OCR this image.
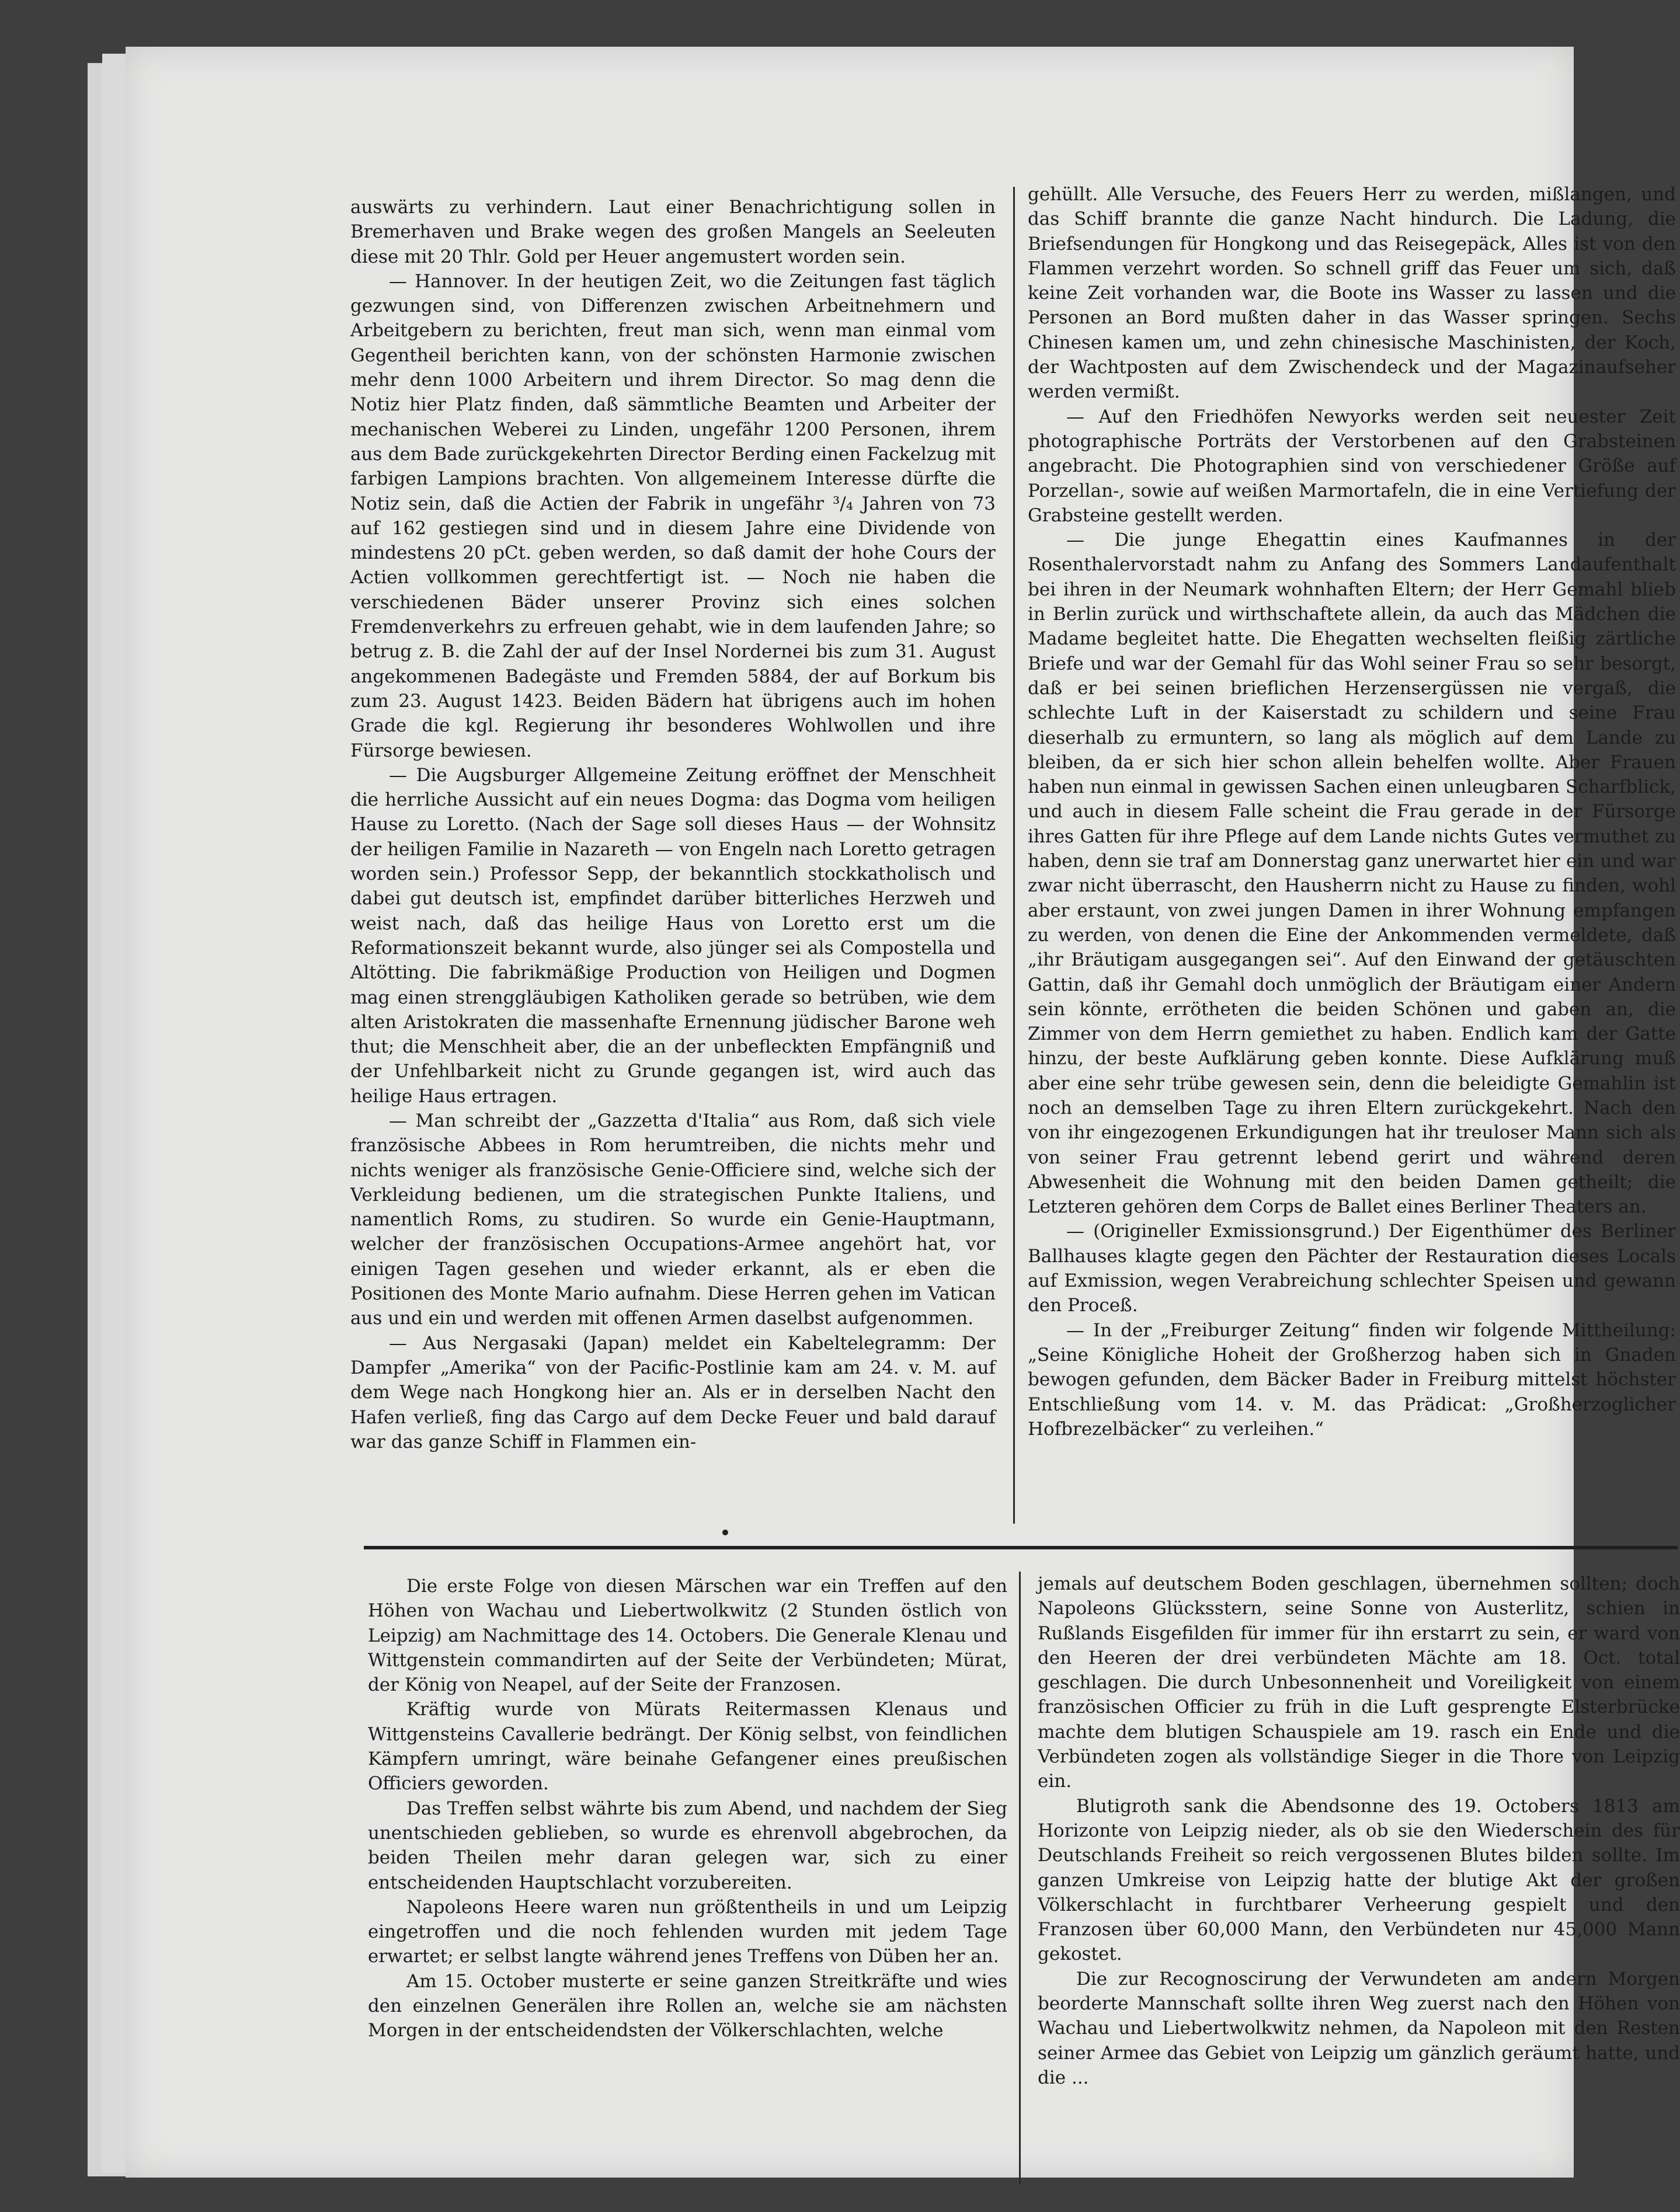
auswärts zu verhindern. Laut einer Benachrichtigung sollen in Bremerhaven und Brake wegen des großen Mangels an Seeleuten diese mit 20 Thlr. Gold per Heuer angemustert worden sein.

— Hannover. In der heutigen Zeit, wo die Zeitungen fast täglich gezwungen sind, von Differenzen zwischen Arbeitnehmern und Arbeitgebern zu berichten, freut man sich, wenn man einmal vom Gegentheil berichten kann, von der schönsten Harmonie zwischen mehr denn 1000 Arbeitern und ihrem Director. So mag denn die Notiz hier Platz finden, daß sämmtliche Beamten und Arbeiter der mechanischen Weberei zu Linden, ungefähr 1200 Personen, ihrem aus dem Bade zurückgekehrten Director Berding einen Fackelzug mit farbigen Lampions brachten. Von allgemeinem Interesse dürfte die Notiz sein, daß die Actien der Fabrik in ungefähr ³/₄ Jahren von 73 auf 162 gestiegen sind und in diesem Jahre eine Dividende von mindestens 20 pCt. geben werden, so daß damit der hohe Cours der Actien vollkommen gerechtfertigt ist. — Noch nie haben die verschiedenen Bäder unserer Provinz sich eines solchen Fremdenverkehrs zu erfreuen gehabt, wie in dem laufenden Jahre; so betrug z. B. die Zahl der auf der Insel Nordernei bis zum 31. August angekommenen Badegäste und Fremden 5884, der auf Borkum bis zum 23. August 1423. Beiden Bädern hat übrigens auch im hohen Grade die kgl. Regierung ihr besonderes Wohlwollen und ihre Fürsorge bewiesen.

— Die Augsburger Allgemeine Zeitung eröffnet der Menschheit die herrliche Aussicht auf ein neues Dogma: das Dogma vom heiligen Hause zu Loretto. (Nach der Sage soll dieses Haus — der Wohnsitz der heiligen Familie in Nazareth — von Engeln nach Loretto getragen worden sein.) Professor Sepp, der bekanntlich stockkatholisch und dabei gut deutsch ist, empfindet darüber bitterliches Herzweh und weist nach, daß das heilige Haus von Loretto erst um die Reformationszeit bekannt wurde, also jünger sei als Compostella und Altötting. Die fabrikmäßige Production von Heiligen und Dogmen mag einen strenggläubigen Katholiken gerade so betrüben, wie dem alten Aristokraten die massenhafte Ernennung jüdischer Barone weh thut; die Menschheit aber, die an der unbefleckten Empfängniß und der Unfehlbarkeit nicht zu Grunde gegangen ist, wird auch das heilige Haus ertragen.

— Man schreibt der „Gazzetta d'Italia“ aus Rom, daß sich viele französische Abbees in Rom herumtreiben, die nichts mehr und nichts weniger als französische Genie-Officiere sind, welche sich der Verkleidung bedienen, um die strategischen Punkte Italiens, und namentlich Roms, zu studiren. So wurde ein Genie-Hauptmann, welcher der französischen Occupations-Armee angehört hat, vor einigen Tagen gesehen und wieder erkannt, als er eben die Positionen des Monte Mario aufnahm. Diese Herren gehen im Vatican aus und ein und werden mit offenen Armen daselbst aufgenommen.

— Aus Nergasaki (Japan) meldet ein Kabeltelegramm: Der Dampfer „Amerika“ von der Pacific-Postlinie kam am 24. v. M. auf dem Wege nach Hongkong hier an. Als er in derselben Nacht den Hafen verließ, fing das Cargo auf dem Decke Feuer und bald darauf war das ganze Schiff in Flammen ein-

gehüllt. Alle Versuche, des Feuers Herr zu werden, mißlangen, und das Schiff brannte die ganze Nacht hindurch. Die Ladung, die Briefsendungen für Hongkong und das Reisegepäck, Alles ist von den Flammen verzehrt worden. So schnell griff das Feuer um sich, daß keine Zeit vorhanden war, die Boote ins Wasser zu lassen und die Personen an Bord mußten daher in das Wasser springen. Sechs Chinesen kamen um, und zehn chinesische Maschinisten, der Koch, der Wachtposten auf dem Zwischendeck und der Magazinaufseher werden vermißt.

— Auf den Friedhöfen Newyorks werden seit neuester Zeit photographische Porträts der Verstorbenen auf den Grabsteinen angebracht. Die Photographien sind von verschiedener Größe auf Porzellan-, sowie auf weißen Marmortafeln, die in eine Vertiefung der Grabsteine gestellt werden.

— Die junge Ehegattin eines Kaufmannes in der Rosenthalervorstadt nahm zu Anfang des Sommers Landaufenthalt bei ihren in der Neumark wohnhaften Eltern; der Herr Gemahl blieb in Berlin zurück und wirthschaftete allein, da auch das Mädchen die Madame begleitet hatte. Die Ehegatten wechselten fleißig zärtliche Briefe und war der Gemahl für das Wohl seiner Frau so sehr besorgt, daß er bei seinen brieflichen Herzensergüssen nie vergaß, die schlechte Luft in der Kaiserstadt zu schildern und seine Frau dieserhalb zu ermuntern, so lang als möglich auf dem Lande zu bleiben, da er sich hier schon allein behelfen wollte. Aber Frauen haben nun einmal in gewissen Sachen einen unleugbaren Scharfblick, und auch in diesem Falle scheint die Frau gerade in der Fürsorge ihres Gatten für ihre Pflege auf dem Lande nichts Gutes vermuthet zu haben, denn sie traf am Donnerstag ganz unerwartet hier ein und war zwar nicht überrascht, den Hausherrn nicht zu Hause zu finden, wohl aber erstaunt, von zwei jungen Damen in ihrer Wohnung empfangen zu werden, von denen die Eine der Ankommenden vermeldete, daß „ihr Bräutigam ausgegangen sei“. Auf den Einwand der getäuschten Gattin, daß ihr Gemahl doch unmöglich der Bräutigam einer Andern sein könnte, errötheten die beiden Schönen und gaben an, die Zimmer von dem Herrn gemiethet zu haben. Endlich kam der Gatte hinzu, der beste Aufklärung geben konnte. Diese Aufklärung muß aber eine sehr trübe gewesen sein, denn die beleidigte Gemahlin ist noch an demselben Tage zu ihren Eltern zurückgekehrt. Nach den von ihr eingezogenen Erkundigungen hat ihr treuloser Mann sich als von seiner Frau getrennt lebend gerirt und während deren Abwesenheit die Wohnung mit den beiden Damen getheilt; die Letzteren gehören dem Corps de Ballet eines Berliner Theaters an.

— (Origineller Exmissionsgrund.) Der Eigenthümer des Berliner Ballhauses klagte gegen den Pächter der Restauration dieses Locals auf Exmission, wegen Verabreichung schlechter Speisen und gewann den Proceß.

— In der „Freiburger Zeitung“ finden wir folgende Mittheilung: „Seine Königliche Hoheit der Großherzog haben sich in Gnaden bewogen gefunden, dem Bäcker Bader in Freiburg mittelst höchster Entschließung vom 14. v. M. das Prädicat: „Großherzoglicher Hofbrezelbäcker“ zu verleihen.“

Die erste Folge von diesen Märschen war ein Treffen auf den Höhen von Wachau und Liebertwolkwitz (2 Stunden östlich von Leipzig) am Nachmittage des 14. Octobers. Die Generale Klenau und Wittgenstein commandirten auf der Seite der Verbündeten; Mürat, der König von Neapel, auf der Seite der Franzosen.

Kräftig wurde von Mürats Reitermassen Klenaus und Wittgensteins Cavallerie bedrängt. Der König selbst, von feindlichen Kämpfern umringt, wäre beinahe Gefangener eines preußischen Officiers geworden.

Das Treffen selbst währte bis zum Abend, und nachdem der Sieg unentschieden geblieben, so wurde es ehrenvoll abgebrochen, da beiden Theilen mehr daran gelegen war, sich zu einer entscheidenden Hauptschlacht vorzubereiten.

Napoleons Heere waren nun größtentheils in und um Leipzig eingetroffen und die noch fehlenden wurden mit jedem Tage erwartet; er selbst langte während jenes Treffens von Düben her an.

Am 15. October musterte er seine ganzen Streitkräfte und wies den einzelnen Generälen ihre Rollen an, welche sie am nächsten Morgen in der entscheidendsten der Völkerschlachten, welche

jemals auf deutschem Boden geschlagen, übernehmen sollten; doch Napoleons Glücksstern, seine Sonne von Austerlitz, schien in Rußlands Eisgefilden für immer für ihn erstarrt zu sein, er ward von den Heeren der drei verbündeten Mächte am 18. Oct. total geschlagen. Die durch Unbesonnenheit und Voreiligkeit von einem französischen Officier zu früh in die Luft gesprengte Elsterbrücke machte dem blutigen Schauspiele am 19. rasch ein Ende und die Verbündeten zogen als vollständige Sieger in die Thore von Leipzig ein.

Blutigroth sank die Abendsonne des 19. Octobers 1813 am Horizonte von Leipzig nieder, als ob sie den Wiederschein des für Deutschlands Freiheit so reich vergossenen Blutes bilden sollte. Im ganzen Umkreise von Leipzig hatte der blutige Akt der großen Völkerschlacht in furchtbarer Verheerung gespielt und den Franzosen über 60,000 Mann, den Verbündeten nur 45,000 Mann gekostet.

Die zur Recognoscirung der Verwundeten am andern Morgen beorderte Mannschaft sollte ihren Weg zuerst nach den Höhen von Wachau und Liebertwolkwitz nehmen, da Napoleon mit den Resten seiner Armee das Gebiet von Leipzig um gänzlich geräumt hatte, und die ...
